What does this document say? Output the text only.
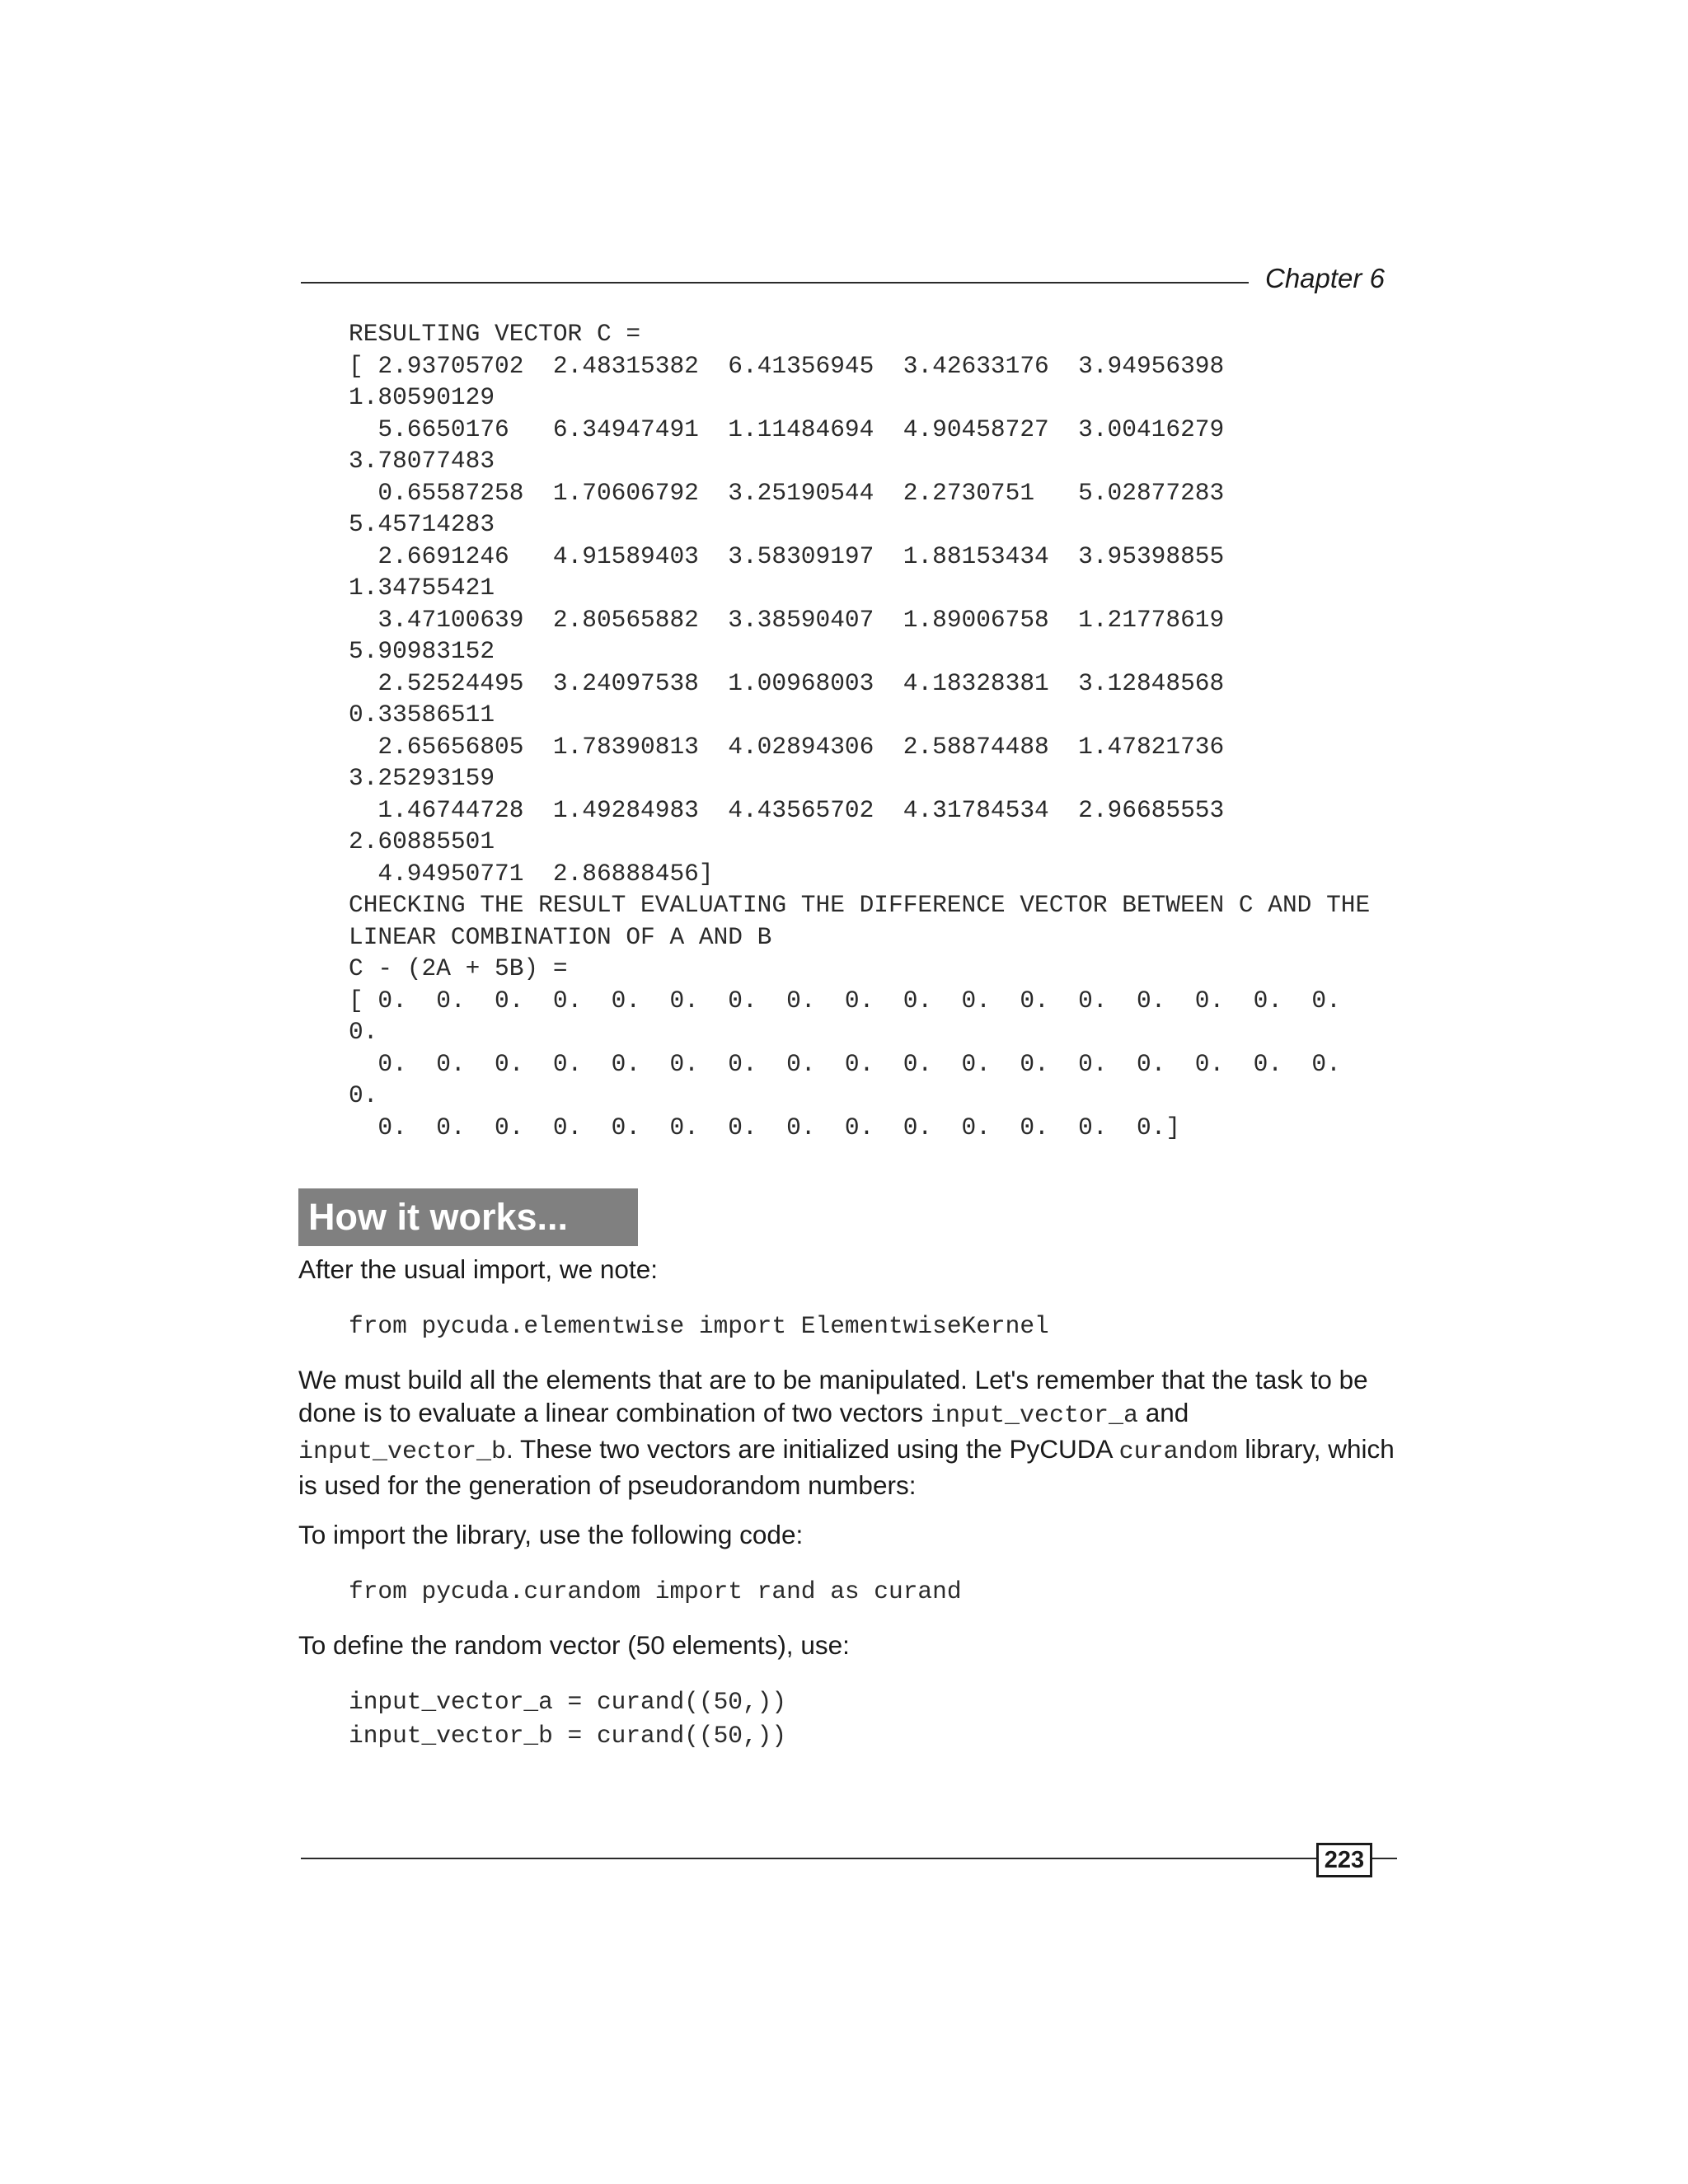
Chapter 6
RESULTING VECTOR C =
[ 2.93705702  2.48315382  6.41356945  3.42633176  3.94956398
1.80590129
5.6650176   6.34947491  1.11484694  4.90458727  3.00416279
3.78077483
0.65587258  1.70606792  3.25190544  2.2730751   5.02877283
5.45714283
2.6691246   4.91589403  3.58309197  1.88153434  3.95398855
1.34755421
3.47100639  2.80565882  3.38590407  1.89006758  1.21778619
5.90983152
2.52524495  3.24097538  1.00968003  4.18328381  3.12848568
0.33586511
2.65656805  1.78390813  4.02894306  2.58874488  1.47821736
3.25293159
1.46744728  1.49284983  4.43565702  4.31784534  2.96685553
2.60885501
4.94950771  2.86888456]
CHECKING THE RESULT EVALUATING THE DIFFERENCE VECTOR BETWEEN C AND THE
LINEAR COMBINATION OF A AND B
C - (2A + 5B) =
[ 0.  0.  0.  0.  0.  0.  0.  0.  0.  0.  0.  0.  0.  0.  0.  0.  0.
0.
0.  0.  0.  0.  0.  0.  0.  0.  0.  0.  0.  0.  0.  0.  0.  0.  0.
0.
0.  0.  0.  0.  0.  0.  0.  0.  0.  0.  0.  0.  0.  0.]
How it works...

After the usual import, we note:

from pycuda.elementwise import ElementwiseKernel

We must build all the elements that are to be manipulated. Let's remember that the task to be done is to evaluate a linear combination of two vectors input_vector_a and input_vector_b. These two vectors are initialized using the PyCUDA curandom library, which is used for the generation of pseudorandom numbers:

To import the library, use the following code:

from pycuda.curandom import rand as curand

To define the random vector (50 elements), use:

input_vector_a = curand((50,))
input_vector_b = curand((50,))
223
